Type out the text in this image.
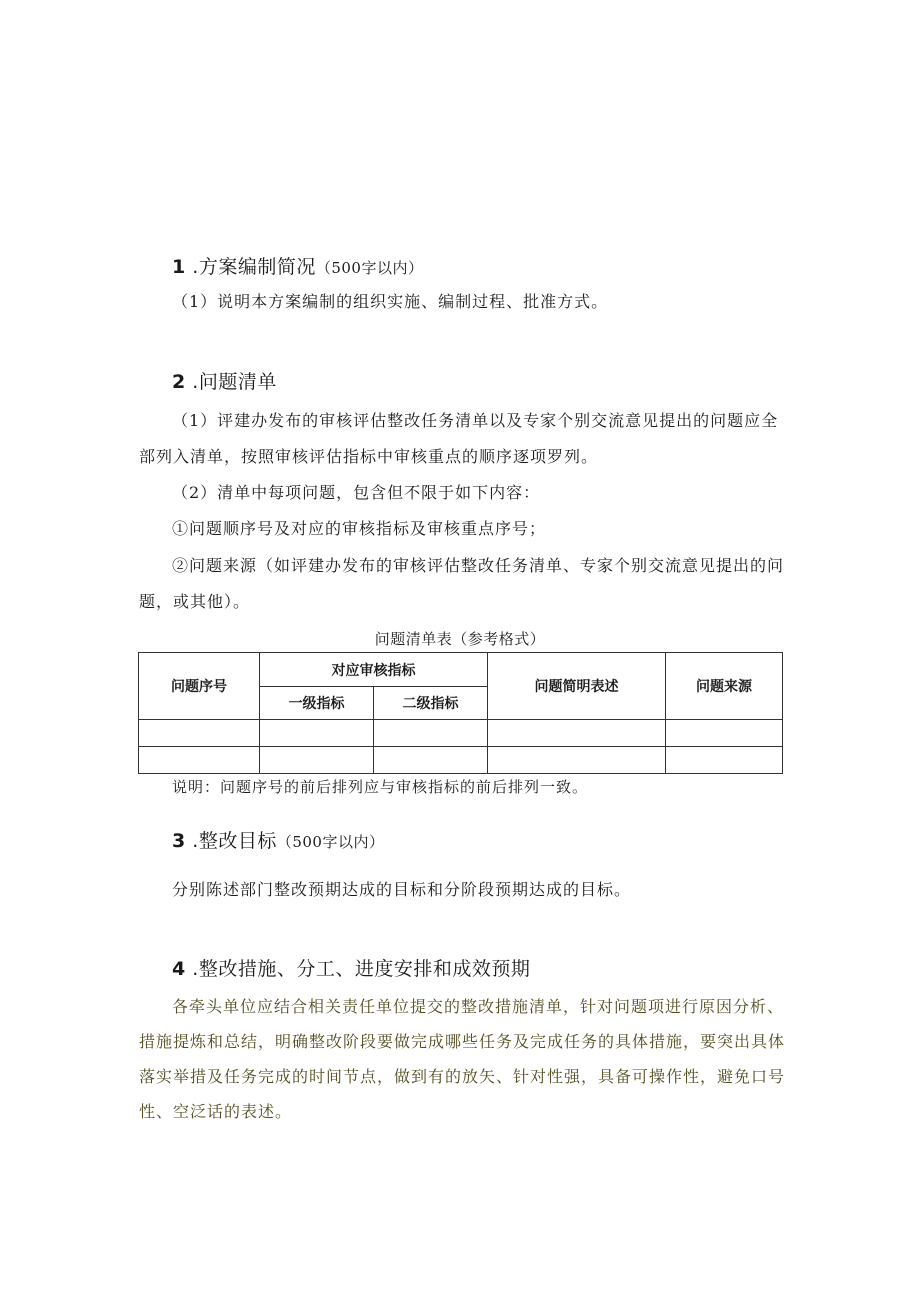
1 .方案编制简况（500字以内）
（1）说明本方案编制的组织实施、编制过程、批准方式。
2 .问题清单
（1）评建办发布的审核评估整改任务清单以及专家个别交流意见提出的问题应全
部列入清单，按照审核评估指标中审核重点的顺序逐项罗列。
（2）清单中每项问题，包含但不限于如下内容：
①问题顺序号及对应的审核指标及审核重点序号；
②问题来源（如评建办发布的审核评估整改任务清单、专家个别交流意见提出的问
题，或其他）。
问题清单表（参考格式）
问题序号	对应审核指标		问题简明表述	问题来源
	一级指标	二级指标		

说明：问题序号的前后排列应与审核指标的前后排列一致。
3 .整改目标（500字以内）
分别陈述部门整改预期达成的目标和分阶段预期达成的目标。
4 .整改措施、分工、进度安排和成效预期
各牵头单位应结合相关责任单位提交的整改措施清单，针对问题项进行原因分析、
措施提炼和总结，明确整改阶段要做完成哪些任务及完成任务的具体措施，要突出具体
落实举措及任务完成的时间节点，做到有的放矢、针对性强，具备可操作性，避免口号
性、空泛话的表述。
